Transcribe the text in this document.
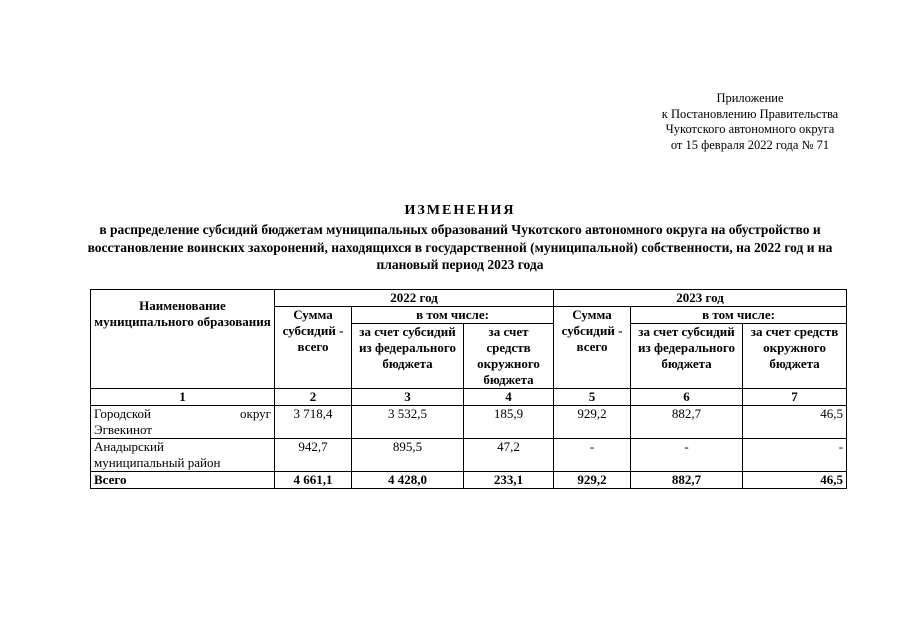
Приложение
к Постановлению Правительства
Чукотского автономного округа
от 15 февраля 2022 года № 71
ИЗМЕНЕНИЯ
в распределение субсидий бюджетам муниципальных образований Чукотского автономного округа на обустройство и восстановление воинских захоронений, находящихся в государственной (муниципальной) собственности, на 2022 год и на плановый период 2023 года
Наименование муниципального образования	2022 год			2023 год		
	Сумма субсидий - всего	в том числе:		Сумма субсидий - всего	в том числе:	
		за счет субсидий из федерального бюджета	за счет средств окружного бюджета		за счет субсидий из федерального бюджета	за счет средств окружного бюджета
1	2	3	4	5	6	7

Городской округ
Эгвекинот	3 718,4	3 532,5	185,9	929,2	882,7	46,5

Анадырский
муниципальный район	942,7	895,5	47,2	-	-	-
Всего	4 661,1	4 428,0	233,1	929,2	882,7	46,5
